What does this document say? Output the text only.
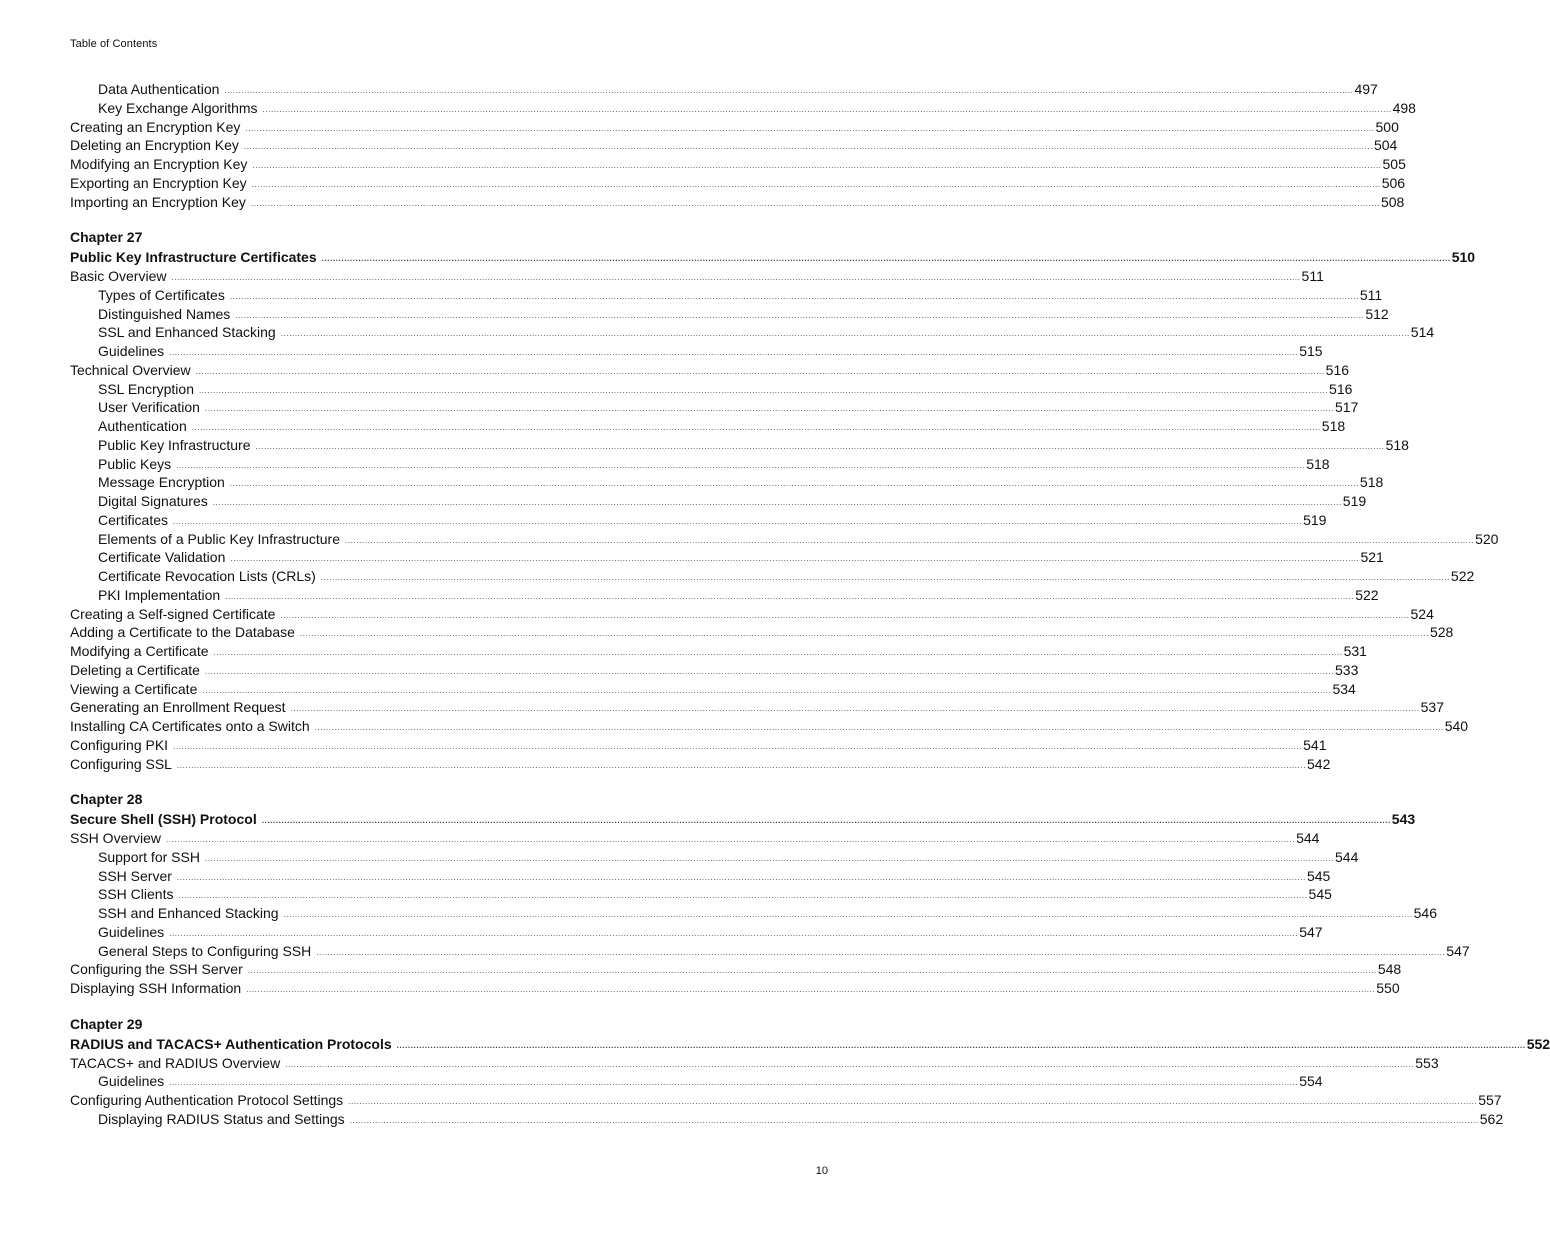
Table of Contents
Data Authentication ................................................................................................................................................................................................................................................................................................................................................................................................................ 497
Key Exchange Algorithms ................................................................................................................................................................................................................................................................................................................................................................................................................ 498
Creating an Encryption Key ................................................................................................................................................................................................................................................................................................................................................................................................................ 500
Deleting an Encryption Key ................................................................................................................................................................................................................................................................................................................................................................................................................ 504
Modifying an Encryption Key ................................................................................................................................................................................................................................................................................................................................................................................................................ 505
Exporting an Encryption Key ................................................................................................................................................................................................................................................................................................................................................................................................................ 506
Importing an Encryption Key ................................................................................................................................................................................................................................................................................................................................................................................................................ 508
Chapter 27
Public Key Infrastructure Certificates ................................................................................................................................................................................................................................................................................................................................................................................................................ 510
Basic Overview ................................................................................................................................................................................................................................................................................................................................................................................................................ 511
Types of Certificates ................................................................................................................................................................................................................................................................................................................................................................................................................ 511
Distinguished Names ................................................................................................................................................................................................................................................................................................................................................................................................................ 512
SSL and Enhanced Stacking ................................................................................................................................................................................................................................................................................................................................................................................................................ 514
Guidelines ................................................................................................................................................................................................................................................................................................................................................................................................................ 515
Technical Overview ................................................................................................................................................................................................................................................................................................................................................................................................................ 516
SSL Encryption ................................................................................................................................................................................................................................................................................................................................................................................................................ 516
User Verification ................................................................................................................................................................................................................................................................................................................................................................................................................ 517
Authentication ................................................................................................................................................................................................................................................................................................................................................................................................................ 518
Public Key Infrastructure ................................................................................................................................................................................................................................................................................................................................................................................................................ 518
Public Keys ................................................................................................................................................................................................................................................................................................................................................................................................................ 518
Message Encryption ................................................................................................................................................................................................................................................................................................................................................................................................................ 518
Digital Signatures ................................................................................................................................................................................................................................................................................................................................................................................................................ 519
Certificates ................................................................................................................................................................................................................................................................................................................................................................................................................ 519
Elements of a Public Key Infrastructure ................................................................................................................................................................................................................................................................................................................................................................................................................ 520
Certificate Validation ................................................................................................................................................................................................................................................................................................................................................................................................................ 521
Certificate Revocation Lists (CRLs) ................................................................................................................................................................................................................................................................................................................................................................................................................ 522
PKI Implementation ................................................................................................................................................................................................................................................................................................................................................................................................................ 522
Creating a Self-signed Certificate ................................................................................................................................................................................................................................................................................................................................................................................................................ 524
Adding a Certificate to the Database ................................................................................................................................................................................................................................................................................................................................................................................................................ 528
Modifying a Certificate ................................................................................................................................................................................................................................................................................................................................................................................................................ 531
Deleting a Certificate ................................................................................................................................................................................................................................................................................................................................................................................................................ 533
Viewing a Certificate ................................................................................................................................................................................................................................................................................................................................................................................................................ 534
Generating an Enrollment Request ................................................................................................................................................................................................................................................................................................................................................................................................................ 537
Installing CA Certificates onto a Switch ................................................................................................................................................................................................................................................................................................................................................................................................................ 540
Configuring PKI ................................................................................................................................................................................................................................................................................................................................................................................................................ 541
Configuring SSL ................................................................................................................................................................................................................................................................................................................................................................................................................ 542
Chapter 28
Secure Shell (SSH) Protocol ................................................................................................................................................................................................................................................................................................................................................................................................................ 543
SSH Overview ................................................................................................................................................................................................................................................................................................................................................................................................................ 544
Support for SSH ................................................................................................................................................................................................................................................................................................................................................................................................................ 544
SSH Server ................................................................................................................................................................................................................................................................................................................................................................................................................ 545
SSH Clients ................................................................................................................................................................................................................................................................................................................................................................................................................ 545
SSH and Enhanced Stacking ................................................................................................................................................................................................................................................................................................................................................................................................................ 546
Guidelines ................................................................................................................................................................................................................................................................................................................................................................................................................ 547
General Steps to Configuring SSH ................................................................................................................................................................................................................................................................................................................................................................................................................ 547
Configuring the SSH Server ................................................................................................................................................................................................................................................................................................................................................................................................................ 548
Displaying SSH Information ................................................................................................................................................................................................................................................................................................................................................................................................................ 550
Chapter 29
RADIUS and TACACS+ Authentication Protocols ................................................................................................................................................................................................................................................................................................................................................................................................................ 552
TACACS+ and RADIUS Overview ................................................................................................................................................................................................................................................................................................................................................................................................................ 553
Guidelines ................................................................................................................................................................................................................................................................................................................................................................................................................ 554
Configuring Authentication Protocol Settings ................................................................................................................................................................................................................................................................................................................................................................................................................ 557
Displaying RADIUS Status and Settings ................................................................................................................................................................................................................................................................................................................................................................................................................ 562
10
